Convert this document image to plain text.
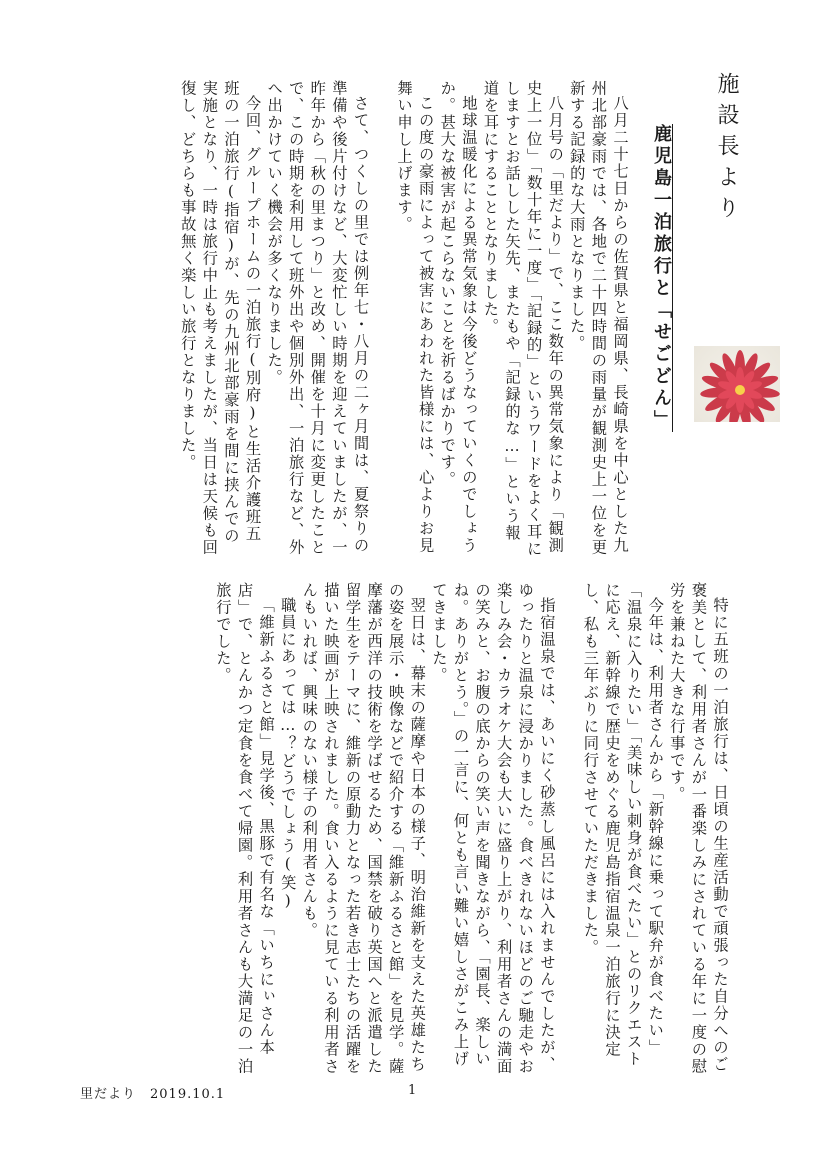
施設長より
鹿児島一泊旅行と「せごどん」

八月二十七日からの佐賀県と福岡県、長崎県を中心とした九州北部豪雨では、各地で二十四時間の雨量が観測史上一位を更新する記録的な大雨となりました。

八月号の「里だより」で、ここ数年の異常気象により「観測史上一位」「数十年に一度」「記録的」というワードをよく耳にしますとお話しした矢先、またもや「記録的な…」という報道を耳にすることとなりました。

地球温暖化による異常気象は今後どうなっていくのでしょうか。甚大な被害が起こらないことを祈るばかりです。

この度の豪雨によって被害にあわれた皆様には、心よりお見舞い申し上げます。

さて、つくしの里では例年七・八月の二ヶ月間は、夏祭りの準備や後片付けなど、大変忙しい時期を迎えていましたが、一昨年から「秋の里まつり」と改め、開催を十月に変更したことで、この時期を利用して班外出や個別外出、一泊旅行など、外へ出かけていく機会が多くなりました。

今回、グループホームの一泊旅行(別府)と生活介護班五班の一泊旅行(指宿)が、先の九州北部豪雨を間に挟んでの実施となり、一時は旅行中止も考えましたが、当日は天候も回復し、どちらも事故無く楽しい旅行となりました。

特に五班の一泊旅行は、日頃の生産活動で頑張った自分へのご褒美として、利用者さんが一番楽しみにされている年に一度の慰労を兼ねた大きな行事です。

今年は、利用者さんから「新幹線に乗って駅弁が食べたい」「温泉に入りたい」「美味しい刺身が食べたい」とのリクエストに応え、新幹線で歴史をめぐる鹿児島指宿温泉一泊旅行に決定し、私も三年ぶりに同行させていただきました。

指宿温泉では、あいにく砂蒸し風呂には入れませんでしたが、ゆったりと温泉に浸かりました。食べきれないほどのご馳走やお楽しみ会・カラオケ大会も大いに盛り上がり、利用者さんの満面の笑みと、お腹の底からの笑い声を聞きながら、「園長、楽しいね。ありがとう。」の一言に、何とも言い難い嬉しさがこみ上げてきました。

翌日は、幕末の薩摩や日本の様子、明治維新を支えた英雄たちの姿を展示・映像などで紹介する「維新ふるさと館」を見学。薩摩藩が西洋の技術を学ばせるため、国禁を破り英国へと派遣した留学生をテーマに、維新の原動力となった若き志士たちの活躍を描いた映画が上映されました。食い入るように見ている利用者さんもいれば、興味のない様子の利用者さんも。

職員にあっては…？どうでしょう(笑)

「維新ふるさと館」見学後、黒豚で有名な「いちにぃさん本店」で、とんかつ定食を食べて帰園。利用者さんも大満足の一泊旅行でした。

里だより　2019.10.1	1
